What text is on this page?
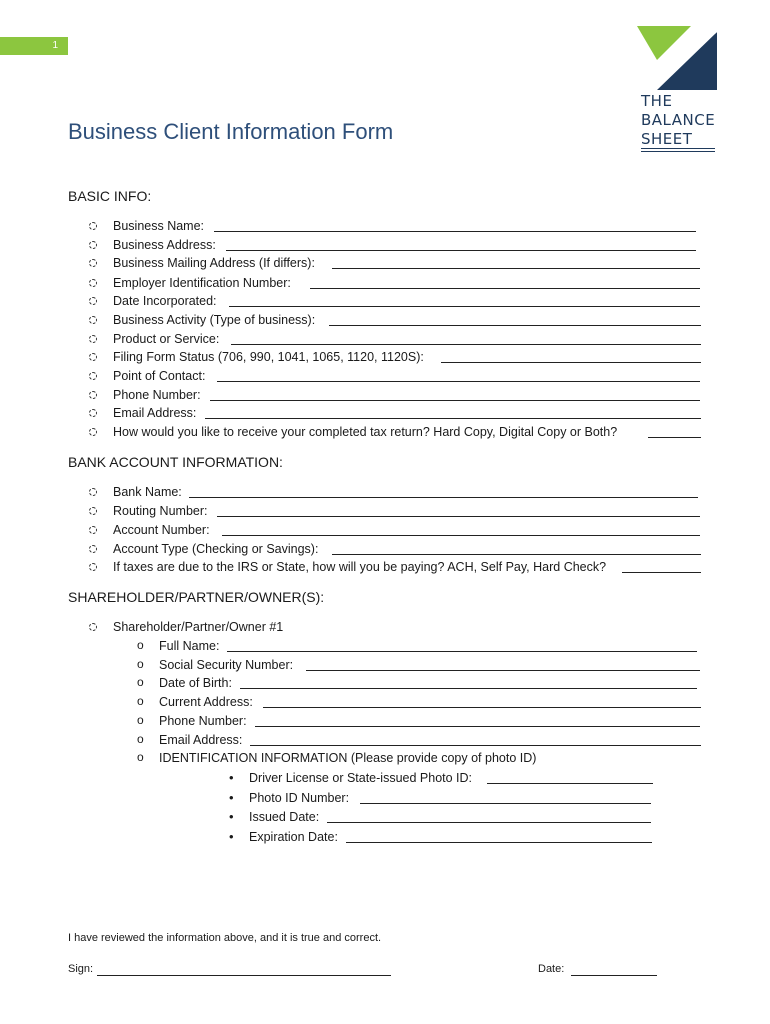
1
THE
BALANCE
SHEET
Business Client Information Form
BASIC INFO:
Business Name:
Business Address:
Business Mailing Address (If differs):
Employer Identification Number:
Date Incorporated:
Business Activity (Type of business):
Product or Service:
Filing Form Status (706, 990, 1041, 1065, 1120, 1120S):
Point of Contact:
Phone Number:
Email Address:
How would you like to receive your completed tax return? Hard Copy, Digital Copy or Both?
BANK ACCOUNT INFORMATION:
Bank Name:
Routing Number:
Account Number:
Account Type (Checking or Savings):
If taxes are due to the IRS or State, how will you be paying? ACH, Self Pay, Hard Check?
SHAREHOLDER/PARTNER/OWNER(S):
Shareholder/Partner/Owner #1
o Full Name:
o Social Security Number:
o Date of Birth:
o Current Address:
o Phone Number:
o Email Address:
o IDENTIFICATION INFORMATION (Please provide copy of photo ID)
• Driver License or State-issued Photo ID:
• Photo ID Number:
• Issued Date:
• Expiration Date:
I have reviewed the information above, and it is true and correct.
Sign:	Date:
